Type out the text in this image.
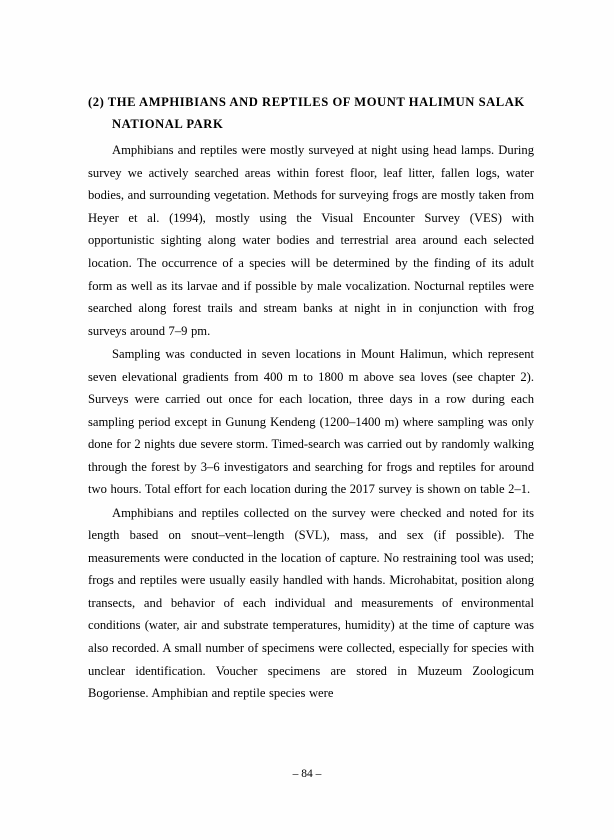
(2) THE AMPHIBIANS AND REPTILES OF MOUNT HALIMUN SALAK
NATIONAL PARK

Amphibians and reptiles were mostly surveyed at night using head lamps. During survey we actively searched areas within forest floor, leaf litter, fallen logs, water bodies, and surrounding vegetation. Methods for surveying frogs are mostly taken from Heyer et al. (1994), mostly using the Visual Encounter Survey (VES) with opportunistic sighting along water bodies and terrestrial area around each selected location. The occurrence of a species will be determined by the finding of its adult form as well as its larvae and if possible by male vocalization. Nocturnal reptiles were searched along forest trails and stream banks at night in in conjunction with frog surveys around 7–9 pm.

Sampling was conducted in seven locations in Mount Halimun, which represent seven elevational gradients from 400 m to 1800 m above sea loves (see chapter 2). Surveys were carried out once for each location, three days in a row during each sampling period except in Gunung Kendeng (1200–1400 m) where sampling was only done for 2 nights due severe storm. Timed-search was carried out by randomly walking through the forest by 3–6 investigators and searching for frogs and reptiles for around two hours. Total effort for each location during the 2017 survey is shown on table 2–1.

Amphibians and reptiles collected on the survey were checked and noted for its length based on snout–vent–length (SVL), mass, and sex (if possible). The measurements were conducted in the location of capture. No restraining tool was used; frogs and reptiles were usually easily handled with hands. Microhabitat, position along transects, and behavior of each individual and measurements of environmental conditions (water, air and substrate temperatures, humidity) at the time of capture was also recorded. A small number of specimens were collected, especially for species with unclear identification. Voucher specimens are stored in Muzeum Zoologicum Bogoriense. Amphibian and reptile species were

– 84 –
